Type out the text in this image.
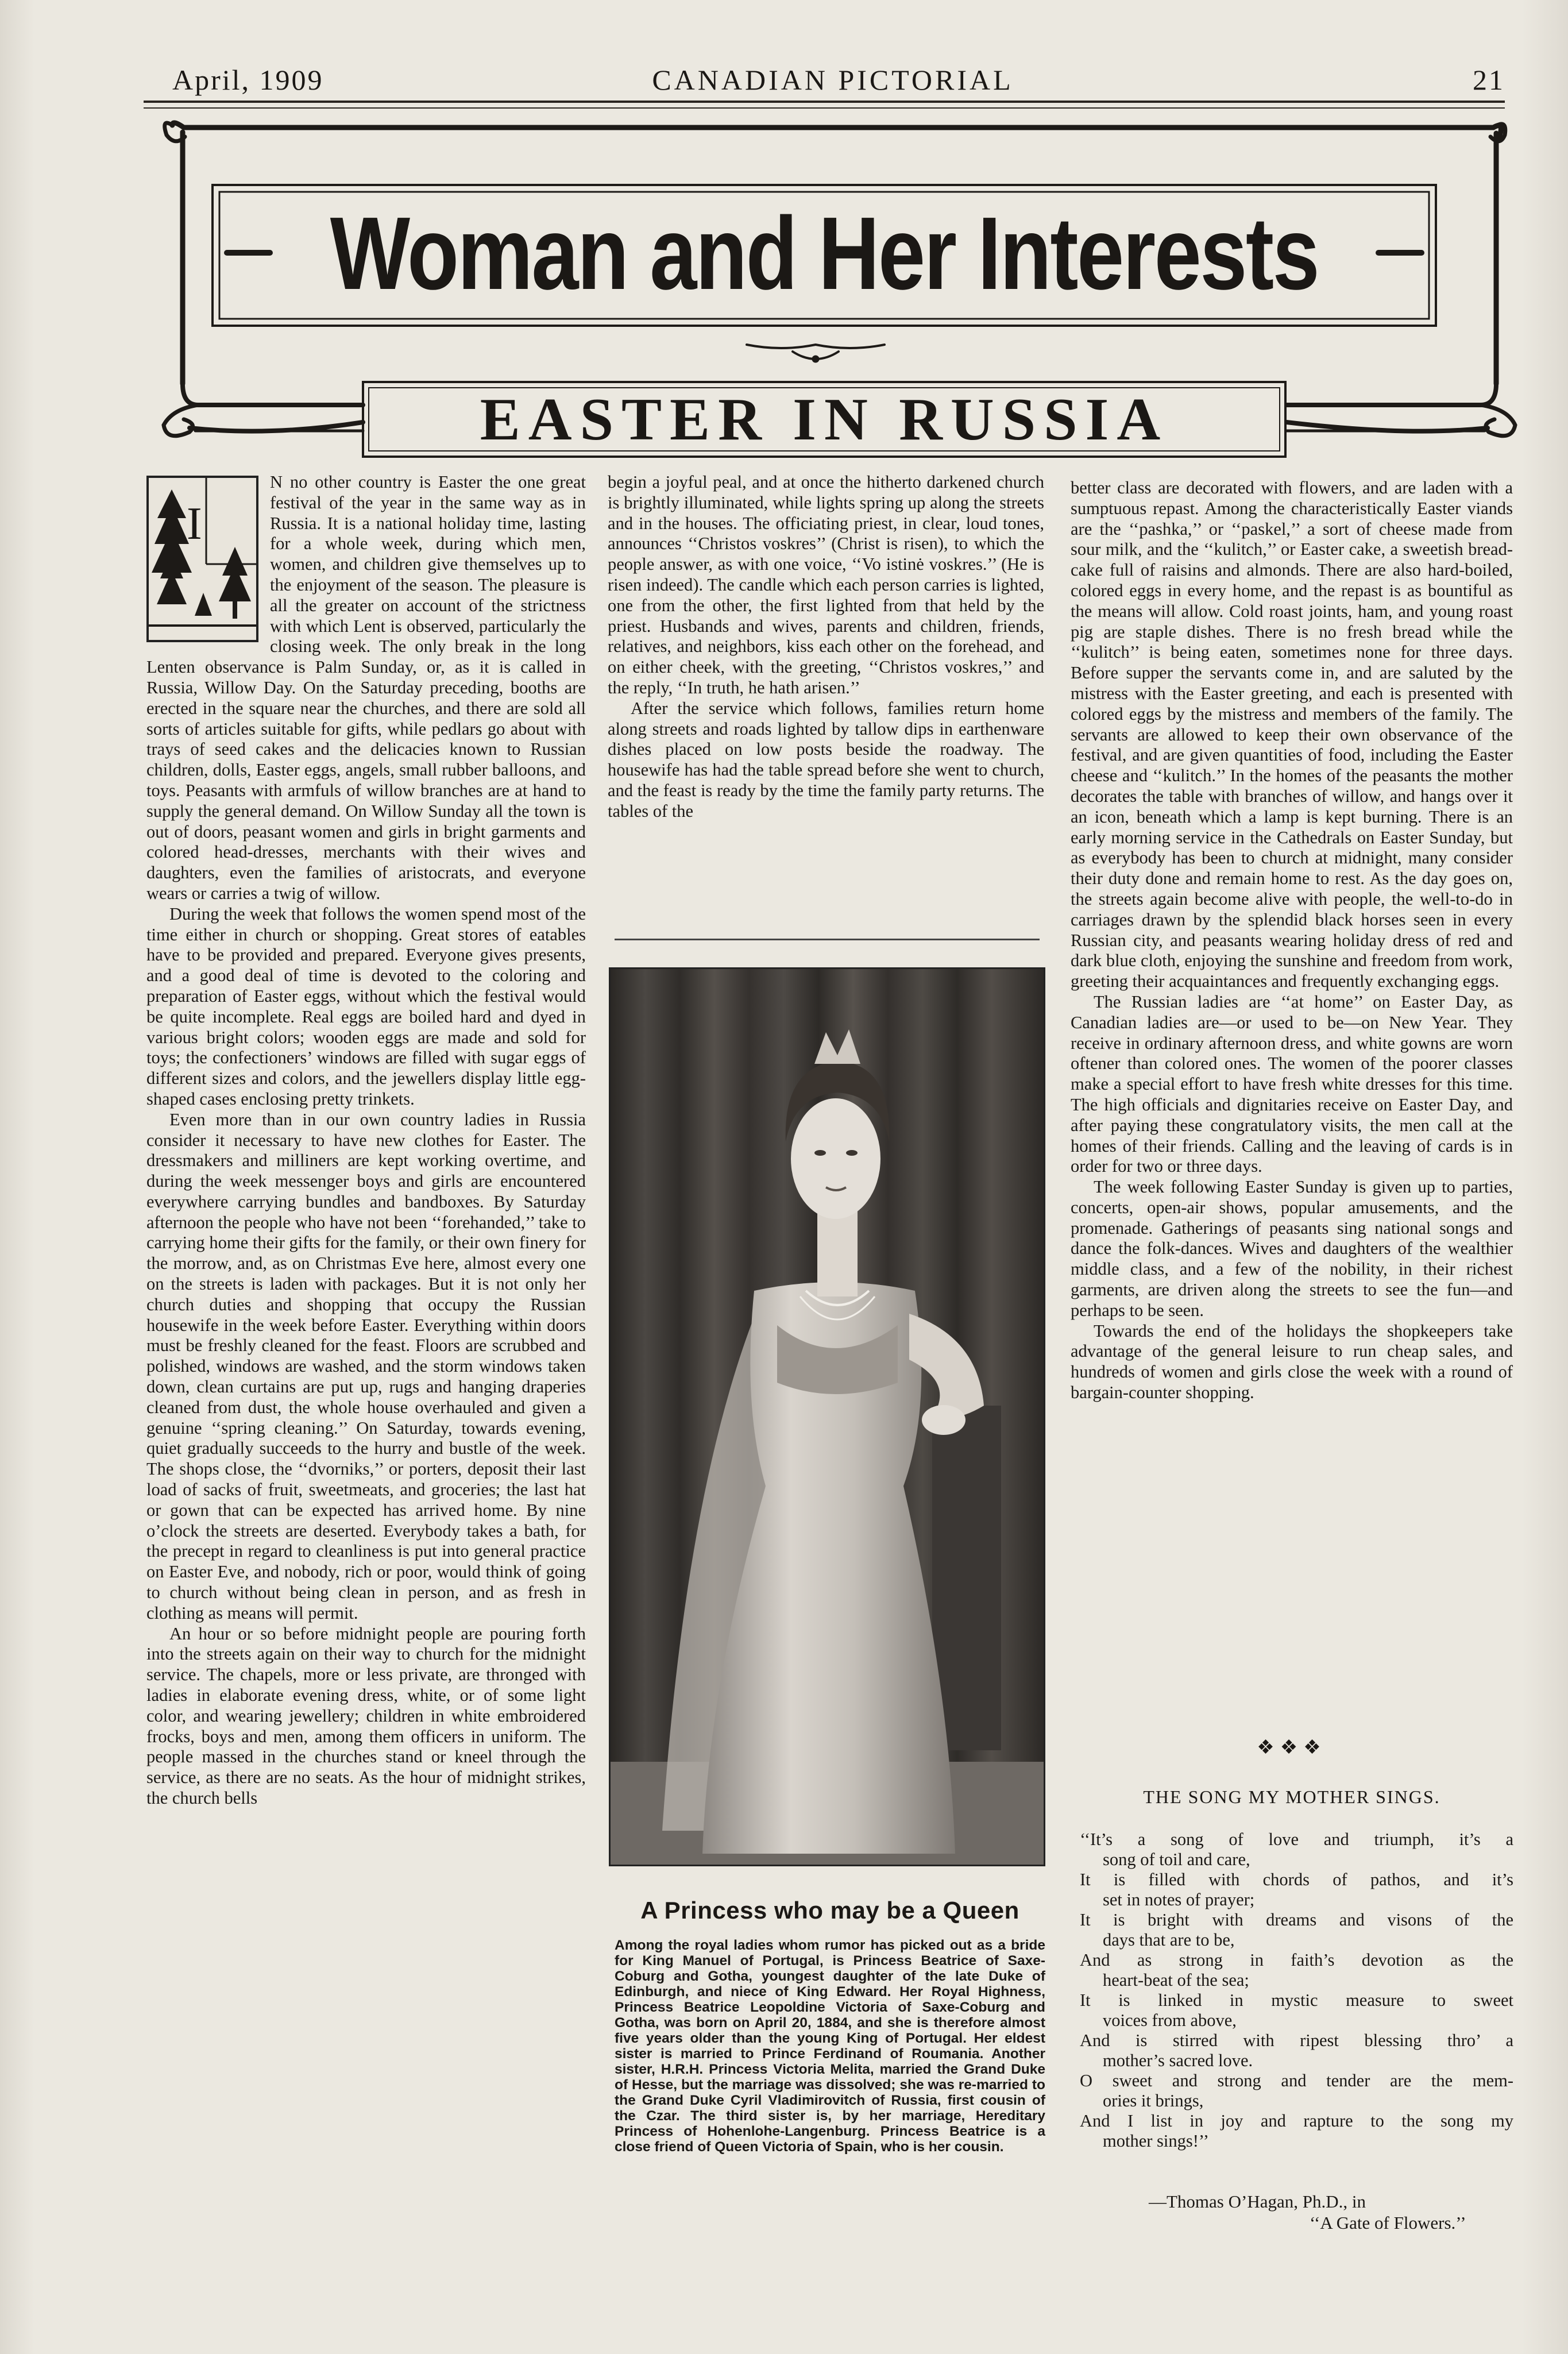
April, 1909	CANADIAN PICTORIAL	21
Woman and Her Interests
EASTER IN RUSSIA
I

N no other country is Easter the one great festival of the year in the same way as in Russia. It is a national holiday time, lasting for a whole week, during which men, women, and children give themselves up to the enjoyment of the season. The pleasure is all the greater on account of the strictness with which Lent is observed, particularly the closing week. The only break in the long Lenten observance is Palm Sunday, or, as it is called in Russia, Willow Day. On the Saturday preceding, booths are erected in the square near the churches, and there are sold all sorts of articles suitable for gifts, while pedlars go about with trays of seed cakes and the delicacies known to Russian children, dolls, Easter eggs, angels, small rubber balloons, and toys. Peasants with armfuls of willow branches are at hand to supply the general demand. On Willow Sunday all the town is out of doors, peasant women and girls in bright garments and colored head-dresses, merchants with their wives and daughters, even the families of aristocrats, and everyone wears or carries a twig of willow.

During the week that follows the women spend most of the time either in church or shopping. Great stores of eatables have to be provided and prepared. Everyone gives presents, and a good deal of time is devoted to the coloring and preparation of Easter eggs, without which the festival would be quite incomplete. Real eggs are boiled hard and dyed in various bright colors; wooden eggs are made and sold for toys; the confectioners’ windows are filled with sugar eggs of different sizes and colors, and the jewellers display little egg-shaped cases enclosing pretty trinkets.

Even more than in our own country ladies in Russia consider it necessary to have new clothes for Easter. The dressmakers and milliners are kept working overtime, and during the week messenger boys and girls are encountered everywhere carrying bundles and bandboxes. By Saturday afternoon the people who have not been ‘‘forehanded,’’ take to carrying home their gifts for the family, or their own finery for the morrow, and, as on Christmas Eve here, almost every one on the streets is laden with packages. But it is not only her church duties and shopping that occupy the Russian housewife in the week before Easter. Everything within doors must be freshly cleaned for the feast. Floors are scrubbed and polished, windows are washed, and the storm windows taken down, clean curtains are put up, rugs and hanging draperies cleaned from dust, the whole house overhauled and given a genuine ‘‘spring cleaning.’’ On Saturday, towards evening, quiet gradually succeeds to the hurry and bustle of the week. The shops close, the ‘‘dvorniks,’’ or porters, deposit their last load of sacks of fruit, sweetmeats, and groceries; the last hat or gown that can be expected has arrived home. By nine o’clock the streets are deserted. Everybody takes a bath, for the precept in regard to cleanliness is put into general practice on Easter Eve, and nobody, rich or poor, would think of going to church without being clean in person, and as fresh in clothing as means will permit.

An hour or so before midnight people are pouring forth into the streets again on their way to church for the midnight service. The chapels, more or less private, are thronged with ladies in elaborate evening dress, white, or of some light color, and wearing jewellery; children in white embroidered frocks, boys and men, among them officers in uniform. The people massed in the churches stand or kneel through the service, as there are no seats. As the hour of midnight strikes, the church bells

begin a joyful peal, and at once the hitherto darkened church is brightly illuminated, while lights spring up along the streets and in the houses. The officiating priest, in clear, loud tones, announces ‘‘Christos voskres’’ (Christ is risen), to which the people answer, as with one voice, ‘‘Vo istinė voskres.’’ (He is risen indeed). The candle which each person carries is lighted, one from the other, the first lighted from that held by the priest. Husbands and wives, parents and children, friends, relatives, and neighbors, kiss each other on the forehead, and on either cheek, with the greeting, ‘‘Christos voskres,’’ and the reply, ‘‘In truth, he hath arisen.’’

After the service which follows, families return home along streets and roads lighted by tallow dips in earthenware dishes placed on low posts beside the roadway. The housewife has had the table spread before she went to church, and the feast is ready by the time the family party returns. The tables of the

A Princess who may be a Queen
Among the royal ladies whom rumor has picked out as a bride for King Manuel of Portugal, is Princess Beatrice of Saxe-Coburg and Gotha, youngest daughter of the late Duke of Edinburgh, and niece of King Edward. Her Royal Highness, Princess Beatrice Leopoldine Victoria of Saxe-Coburg and Gotha, was born on April 20, 1884, and she is therefore almost five years older than the young King of Portugal. Her eldest sister is married to Prince Ferdinand of Roumania. Another sister, H.R.H. Princess Victoria Melita, married the Grand Duke of Hesse, but the marriage was dissolved; she was re-married to the Grand Duke Cyril Vladimirovitch of Russia, first cousin of the Czar. The third sister is, by her marriage, Hereditary Princess of Hohenlohe-Langenburg. Princess Beatrice is a close friend of Queen Victoria of Spain, who is her cousin.

better class are decorated with flowers, and are laden with a sumptuous repast. Among the characteristically Easter viands are the ‘‘pashka,’’ or ‘‘paskel,’’ a sort of cheese made from sour milk, and the ‘‘kulitch,’’ or Easter cake, a sweetish bread-cake full of raisins and almonds. There are also hard-boiled, colored eggs in every home, and the repast is as bountiful as the means will allow. Cold roast joints, ham, and young roast pig are staple dishes. There is no fresh bread while the ‘‘kulitch’’ is being eaten, sometimes none for three days. Before supper the servants come in, and are saluted by the mistress with the Easter greeting, and each is presented with colored eggs by the mistress and members of the family. The servants are allowed to keep their own observance of the festival, and are given quantities of food, including the Easter cheese and ‘‘kulitch.’’ In the homes of the peasants the mother decorates the table with branches of willow, and hangs over it an icon, beneath which a lamp is kept burning. There is an early morning service in the Cathedrals on Easter Sunday, but as everybody has been to church at midnight, many consider their duty done and remain home to rest. As the day goes on, the streets again become alive with people, the well-to-do in carriages drawn by the splendid black horses seen in every Russian city, and peasants wearing holiday dress of red and dark blue cloth, enjoying the sunshine and freedom from work, greeting their acquaintances and frequently exchanging eggs.

The Russian ladies are ‘‘at home’’ on Easter Day, as Canadian ladies are—or used to be—on New Year. They receive in ordinary afternoon dress, and white gowns are worn oftener than colored ones. The women of the poorer classes make a special effort to have fresh white dresses for this time. The high officials and dignitaries receive on Easter Day, and after paying these congratulatory visits, the men call at the homes of their friends. Calling and the leaving of cards is in order for two or three days.

The week following Easter Sunday is given up to parties, concerts, open-air shows, popular amusements, and the promenade. Gatherings of peasants sing national songs and dance the folk-dances. Wives and daughters of the wealthier middle class, and a few of the nobility, in their richest garments, are driven along the streets to see the fun—and perhaps to be seen.

Towards the end of the holidays the shopkeepers take advantage of the general leisure to run cheap sales, and hundreds of women and girls close the week with a round of bargain-counter shopping.

❖❖❖
THE SONG MY MOTHER SINGS.
‘‘It’s a song of love and triumph, it’s a
song of toil and care,
It is filled with chords of pathos, and it’s
set in notes of prayer;
It is bright with dreams and visons of the
days that are to be,
And as strong in faith’s devotion as the
heart-beat of the sea;
It is linked in mystic measure to sweet
voices from above,
And is stirred with ripest blessing thro’ a
mother’s sacred love.
O sweet and strong and tender are the mem-
ories it brings,
And I list in joy and rapture to the song my
mother sings!’’
—Thomas O’Hagan, Ph.D., in
‘‘A Gate of Flowers.’’
